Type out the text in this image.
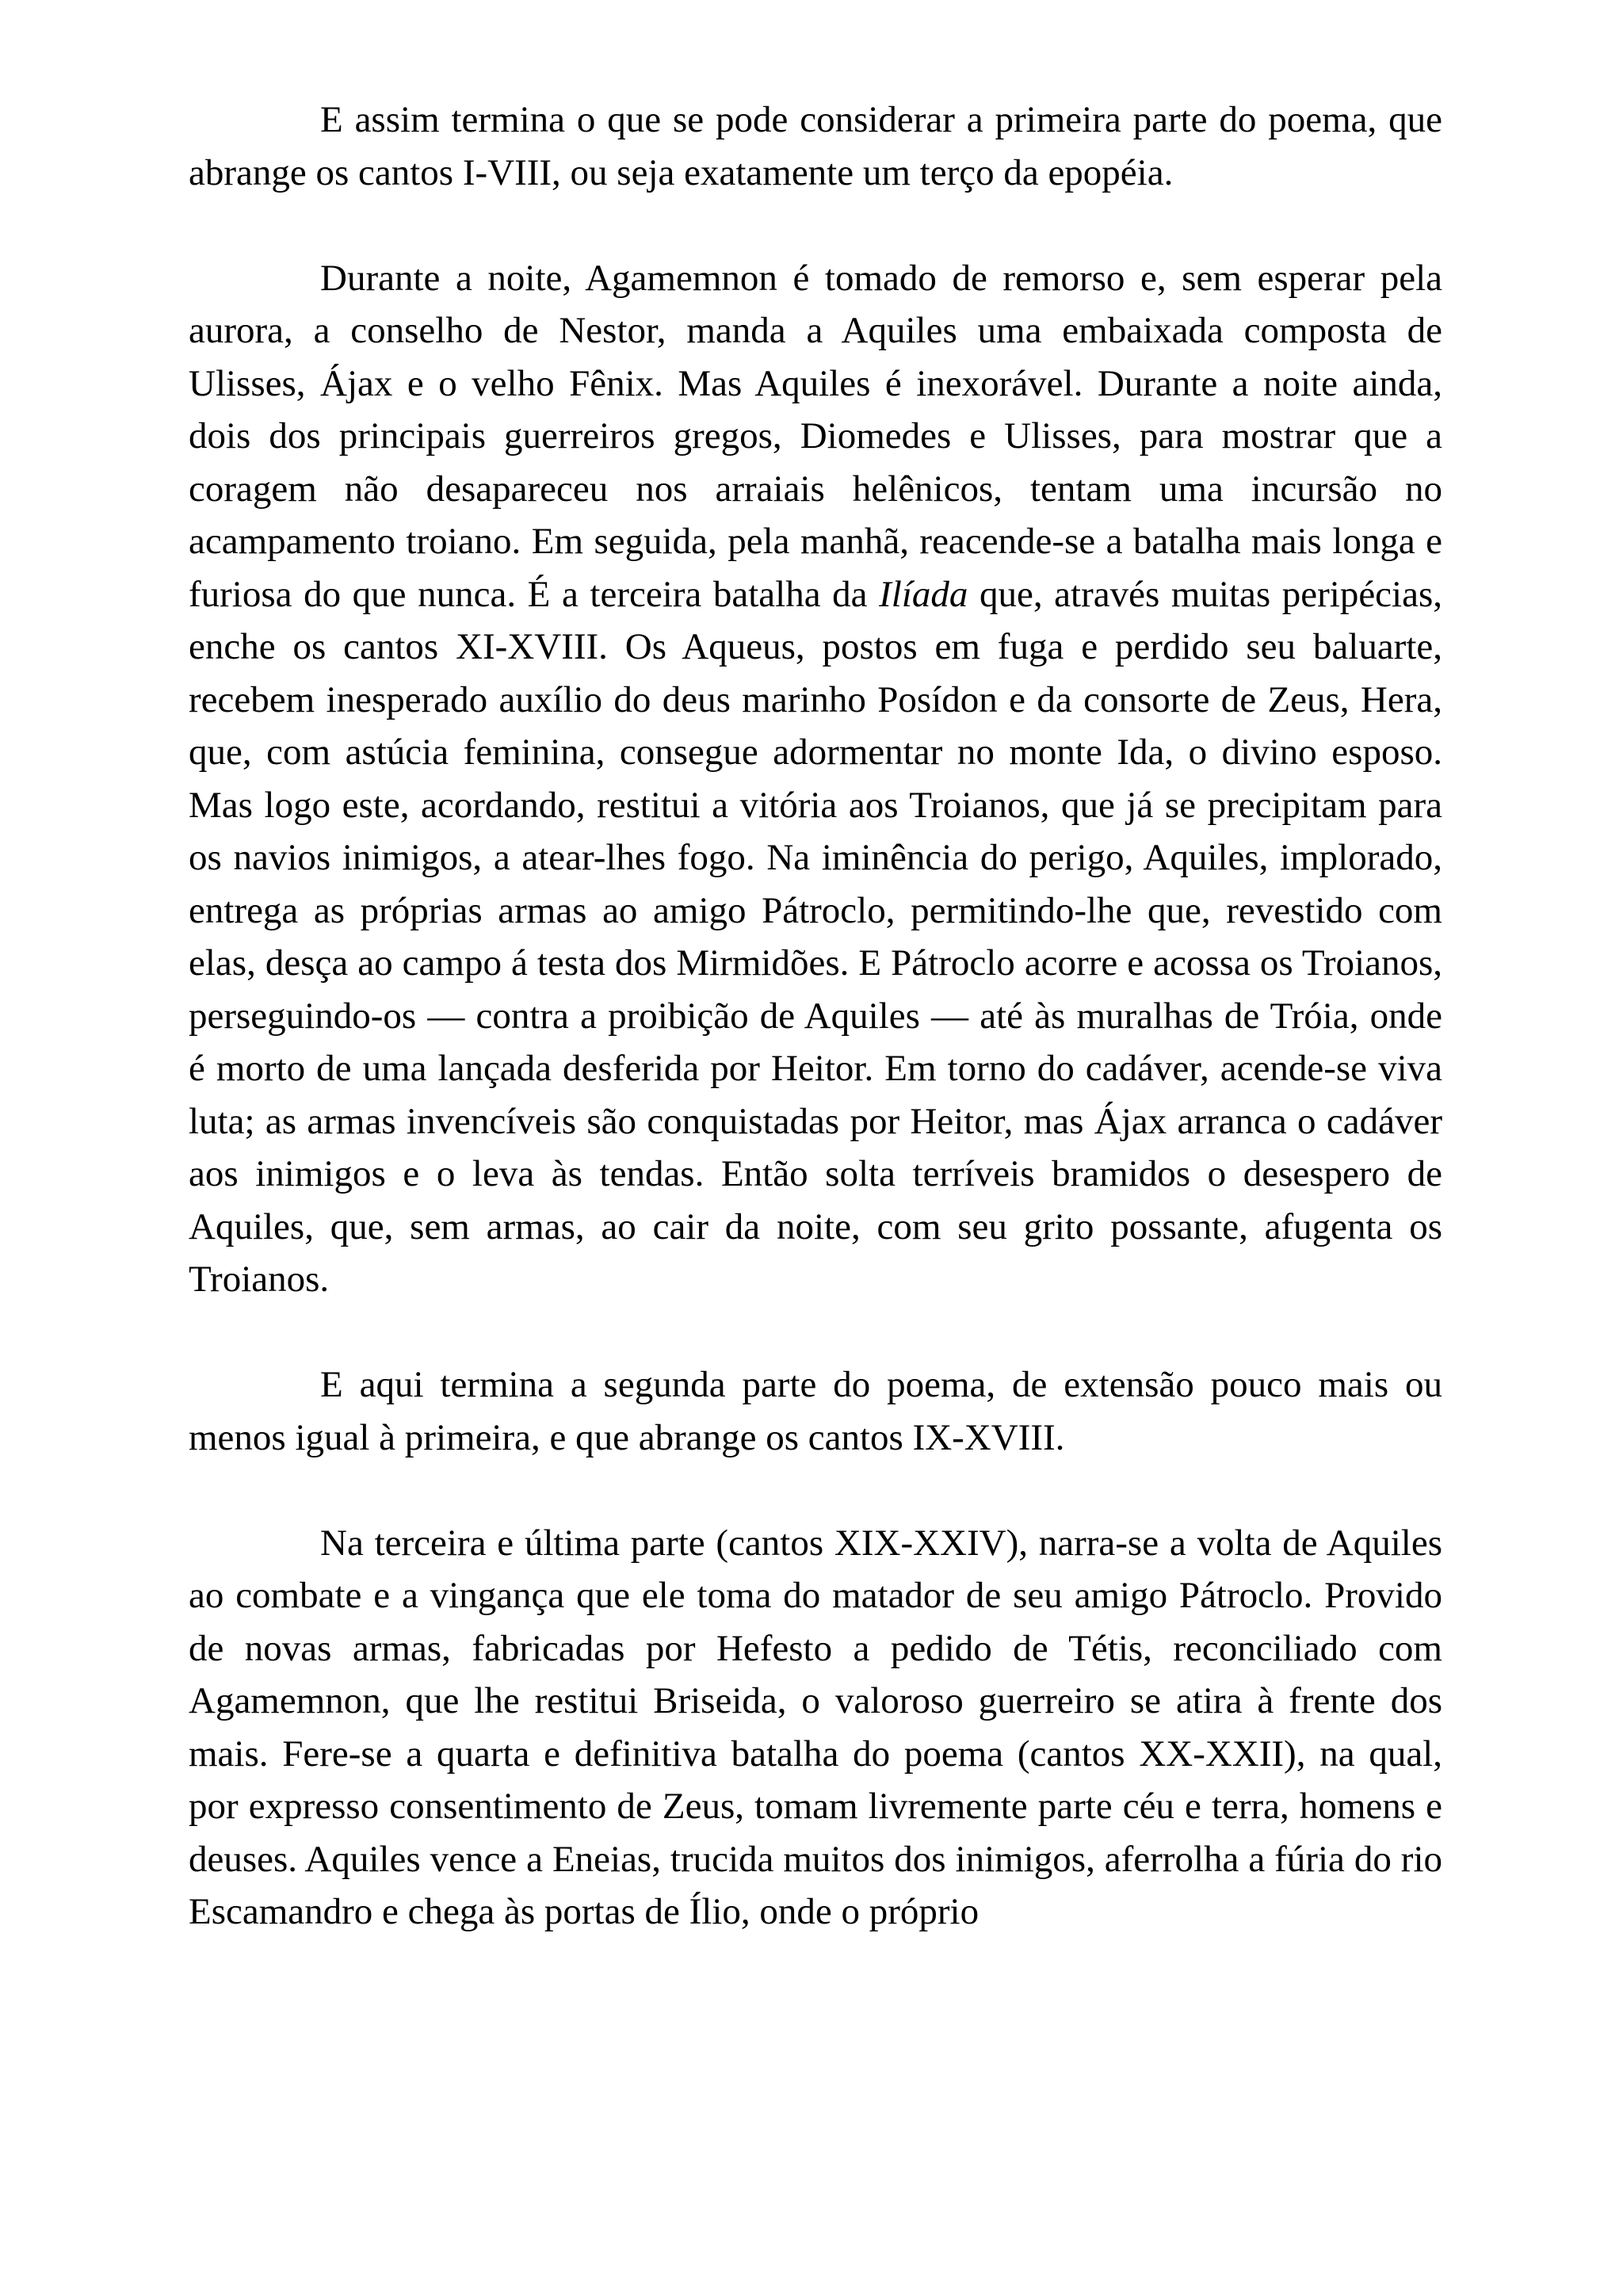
E assim termina o que se pode considerar a primeira parte do poema, que abrange os cantos I-VIII, ou seja exatamente um terço da epopéia.

Durante a noite, Agamemnon é tomado de remorso e, sem esperar pela aurora, a conselho de Nestor, manda a Aquiles uma embaixada composta de Ulisses, Ájax e o velho Fênix. Mas Aquiles é inexorável. Durante a noite ainda, dois dos principais guerreiros gregos, Diomedes e Ulisses, para mostrar que a coragem não desapareceu nos arraiais helênicos, tentam uma incursão no acampamento troiano. Em seguida, pela manhã, reacende-se a batalha mais longa e furiosa do que nunca. É a terceira batalha da Ilíada que, através muitas peripécias, enche os cantos XI-XVIII. Os Aqueus, postos em fuga e perdido seu baluarte, recebem inesperado auxílio do deus marinho Posídon e da consorte de Zeus, Hera, que, com astúcia feminina, consegue adormentar no monte Ida, o divino esposo. Mas logo este, acordando, restitui a vitória aos Troianos, que já se precipitam para os navios inimigos, a atear-lhes fogo. Na iminência do perigo, Aquiles, implorado, entrega as próprias armas ao amigo Pátroclo, permitindo-lhe que, revestido com elas, desça ao campo á testa dos Mirmidões. E Pátroclo acorre e acossa os Troianos, perseguindo-os — contra a proibição de Aquiles — até às muralhas de Tróia, onde é morto de uma lançada desferida por Heitor. Em torno do cadáver, acende-se viva luta; as armas invencíveis são conquistadas por Heitor, mas Ájax arranca o cadáver aos inimigos e o leva às tendas. Então solta terríveis bramidos o desespero de Aquiles, que, sem armas, ao cair da noite, com seu grito possante, afugenta os Troianos.

E aqui termina a segunda parte do poema, de extensão pouco mais ou menos igual à primeira, e que abrange os cantos IX-XVIII.

Na terceira e última parte (cantos XIX-XXIV), narra-se a volta de Aquiles ao combate e a vingança que ele toma do matador de seu amigo Pátroclo. Provido de novas armas, fabricadas por Hefesto a pedido de Tétis, reconciliado com Agamemnon, que lhe restitui Briseida, o valoroso guerreiro se atira à frente dos mais. Fere-se a quarta e definitiva batalha do poema (cantos XX-XXII), na qual, por expresso consentimento de Zeus, tomam livremente parte céu e terra, homens e deuses. Aquiles vence a Eneias, trucida muitos dos inimigos, aferrolha a fúria do rio Escamandro e chega às portas de Ílio, onde o próprio
